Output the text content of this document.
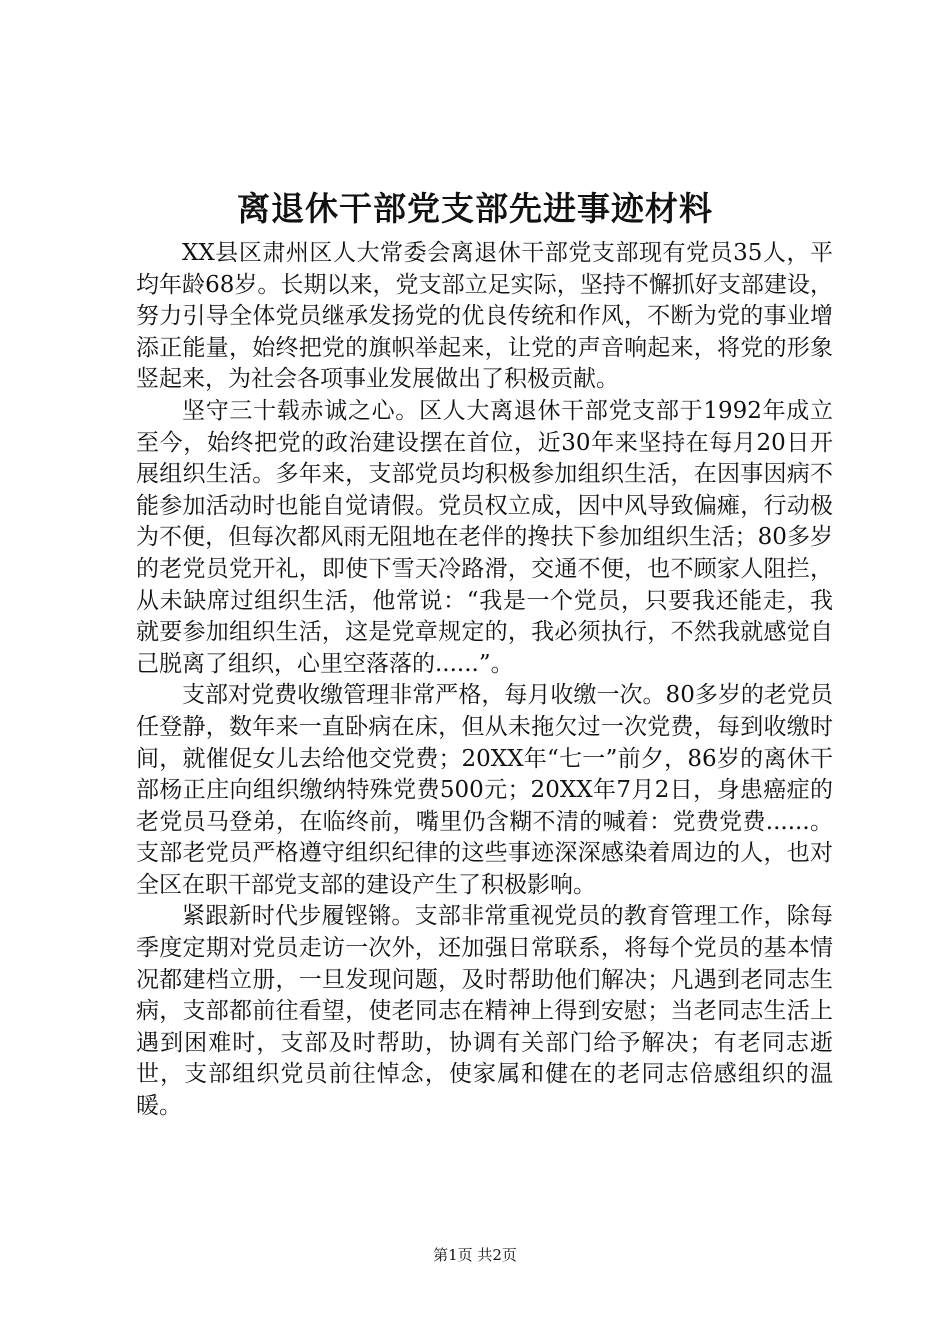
离退休干部党支部先进事迹材料

XX县区肃州区人大常委会离退休干部党支部现有党员35人，平均年龄68岁。长期以来，党支部立足实际，坚持不懈抓好支部建设，努力引导全体党员继承发扬党的优良传统和作风，不断为党的事业增添正能量，始终把党的旗帜举起来，让党的声音响起来，将党的形象竖起来，为社会各项事业发展做出了积极贡献。

坚守三十载赤诚之心。区人大离退休干部党支部于1992年成立至今，始终把党的政治建设摆在首位，近30年来坚持在每月20日开展组织生活。多年来，支部党员均积极参加组织生活，在因事因病不能参加活动时也能自觉请假。党员权立成，因中风导致偏瘫，行动极为不便，但每次都风雨无阻地在老伴的搀扶下参加组织生活；80多岁的老党员党开礼，即使下雪天冷路滑，交通不便，也不顾家人阻拦，从未缺席过组织生活，他常说：“我是一个党员，只要我还能走，我就要参加组织生活，这是党章规定的，我必须执行，不然我就感觉自己脱离了组织，心里空落落的......”。

支部对党费收缴管理非常严格，每月收缴一次。80多岁的老党员任登静，数年来一直卧病在床，但从未拖欠过一次党费，每到收缴时间，就催促女儿去给他交党费；20XX年“七一”前夕，86岁的离休干部杨正庄向组织缴纳特殊党费500元；20XX年7月2日，身患癌症的老党员马登弟，在临终前，嘴里仍含糊不清的喊着：党费党费......。支部老党员严格遵守组织纪律的这些事迹深深感染着周边的人，也对全区在职干部党支部的建设产生了积极影响。

紧跟新时代步履铿锵。支部非常重视党员的教育管理工作，除每季度定期对党员走访一次外，还加强日常联系，将每个党员的基本情况都建档立册，一旦发现问题，及时帮助他们解决；凡遇到老同志生病，支部都前往看望，使老同志在精神上得到安慰；当老同志生活上遇到困难时，支部及时帮助，协调有关部门给予解决；有老同志逝世，支部组织党员前往悼念，使家属和健在的老同志倍感组织的温暖。

第1页 共2页
